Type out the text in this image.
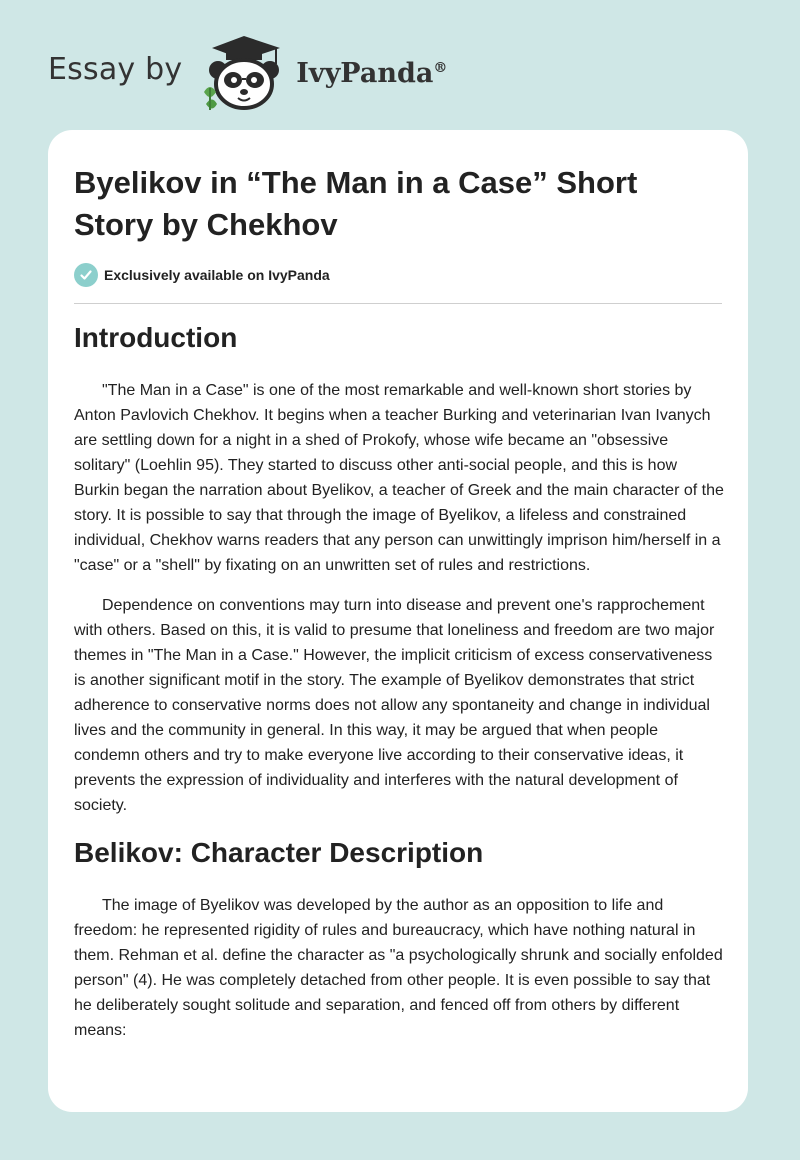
Essay by	IvyPanda®
Byelikov in “The Man in a Case” Short Story by Chekhov
Exclusively available on IvyPanda
Introduction

"The Man in a Case" is one of the most remarkable and well-known short stories by Anton Pavlovich Chekhov. It begins when a teacher Burking and veterinarian Ivan Ivanych are settling down for a night in a shed of Prokofy, whose wife became an "obsessive solitary" (Loehlin 95). They started to discuss other anti-social people, and this is how Burkin began the narration about Byelikov, a teacher of Greek and the main character of the story. It is possible to say that through the image of Byelikov, a lifeless and constrained individual, Chekhov warns readers that any person can unwittingly imprison him/herself in a "case" or a "shell" by fixating on an unwritten set of rules and restrictions.

Dependence on conventions may turn into disease and prevent one's rapprochement with others. Based on this, it is valid to presume that loneliness and freedom are two major themes in "The Man in a Case." However, the implicit criticism of excess conservativeness is another significant motif in the story. The example of Byelikov demonstrates that strict adherence to conservative norms does not allow any spontaneity and change in individual lives and the community in general. In this way, it may be argued that when people condemn others and try to make everyone live according to their conservative ideas, it prevents the expression of individuality and interferes with the natural development of society.

Belikov: Character Description

The image of Byelikov was developed by the author as an opposition to life and freedom: he represented rigidity of rules and bureaucracy, which have nothing natural in them. Rehman et al. define the character as "a psychologically shrunk and socially enfolded person" (4). He was completely detached from other people. It is even possible to say that he deliberately sought solitude and separation, and fenced off from others by different means:
